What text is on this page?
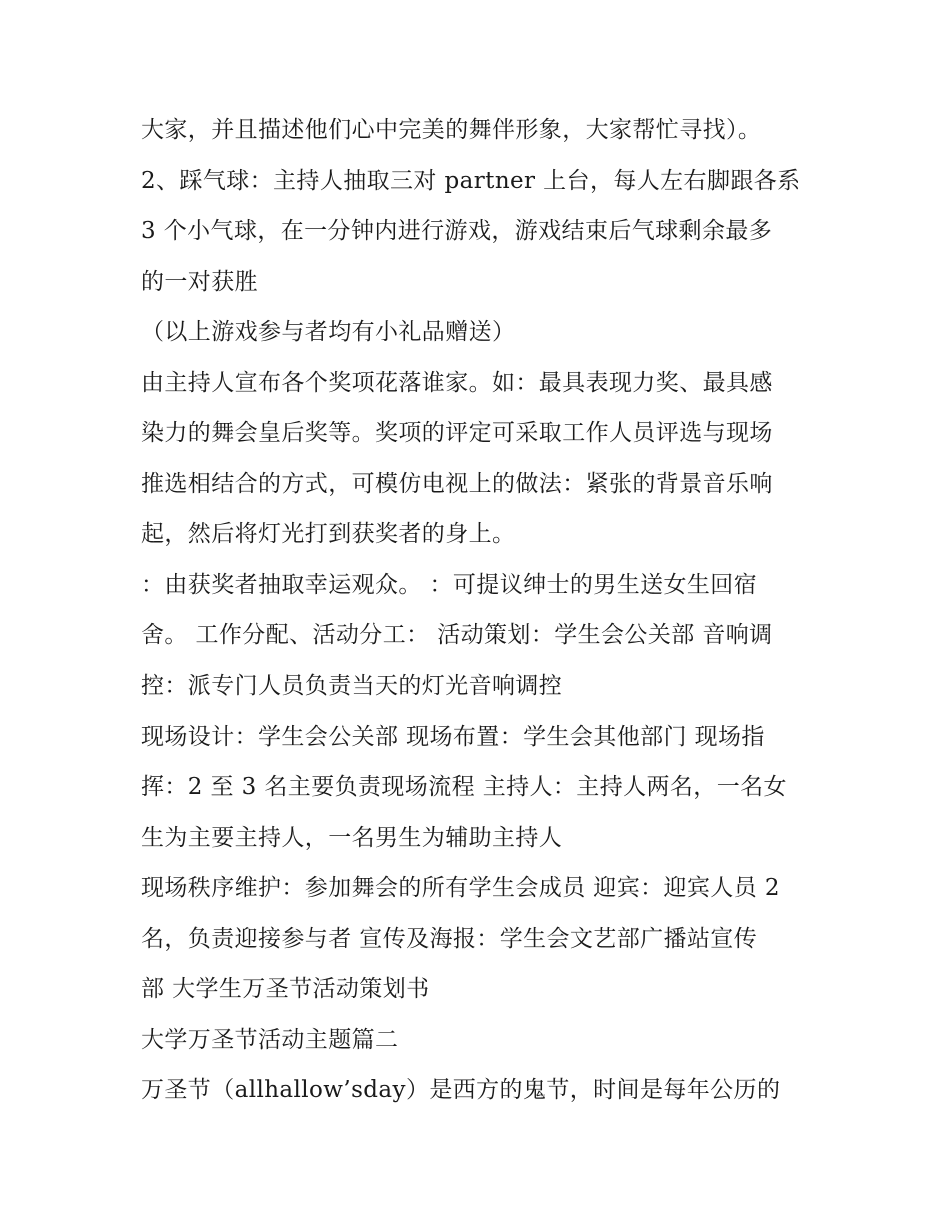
大家，并且描述他们心中完美的舞伴形象，大家帮忙寻找）。

2、踩气球：主持人抽取三对 partner 上台，每人左右脚跟各系

3 个小气球，在一分钟内进行游戏，游戏结束后气球剩余最多

的一对获胜

（以上游戏参与者均有小礼品赠送）

由主持人宣布各个奖项花落谁家。如：最具表现力奖、最具感

染力的舞会皇后奖等。奖项的评定可采取工作人员评选与现场

推选相结合的方式，可模仿电视上的做法：紧张的背景音乐响

起，然后将灯光打到获奖者的身上。

：由获奖者抽取幸运观众。 ：可提议绅士的男生送女生回宿

舍。 工作分配、活动分工： 活动策划：学生会公关部 音响调

控：派专门人员负责当天的灯光音响调控

现场设计：学生会公关部 现场布置：学生会其他部门 现场指

挥：2 至 3 名主要负责现场流程 主持人：主持人两名，一名女

生为主要主持人，一名男生为辅助主持人

现场秩序维护：参加舞会的所有学生会成员 迎宾：迎宾人员 2

名，负责迎接参与者 宣传及海报：学生会文艺部广播站宣传

部 大学生万圣节活动策划书

大学万圣节活动主题篇二

万圣节（allhallow’sday）是西方的鬼节，时间是每年公历的
